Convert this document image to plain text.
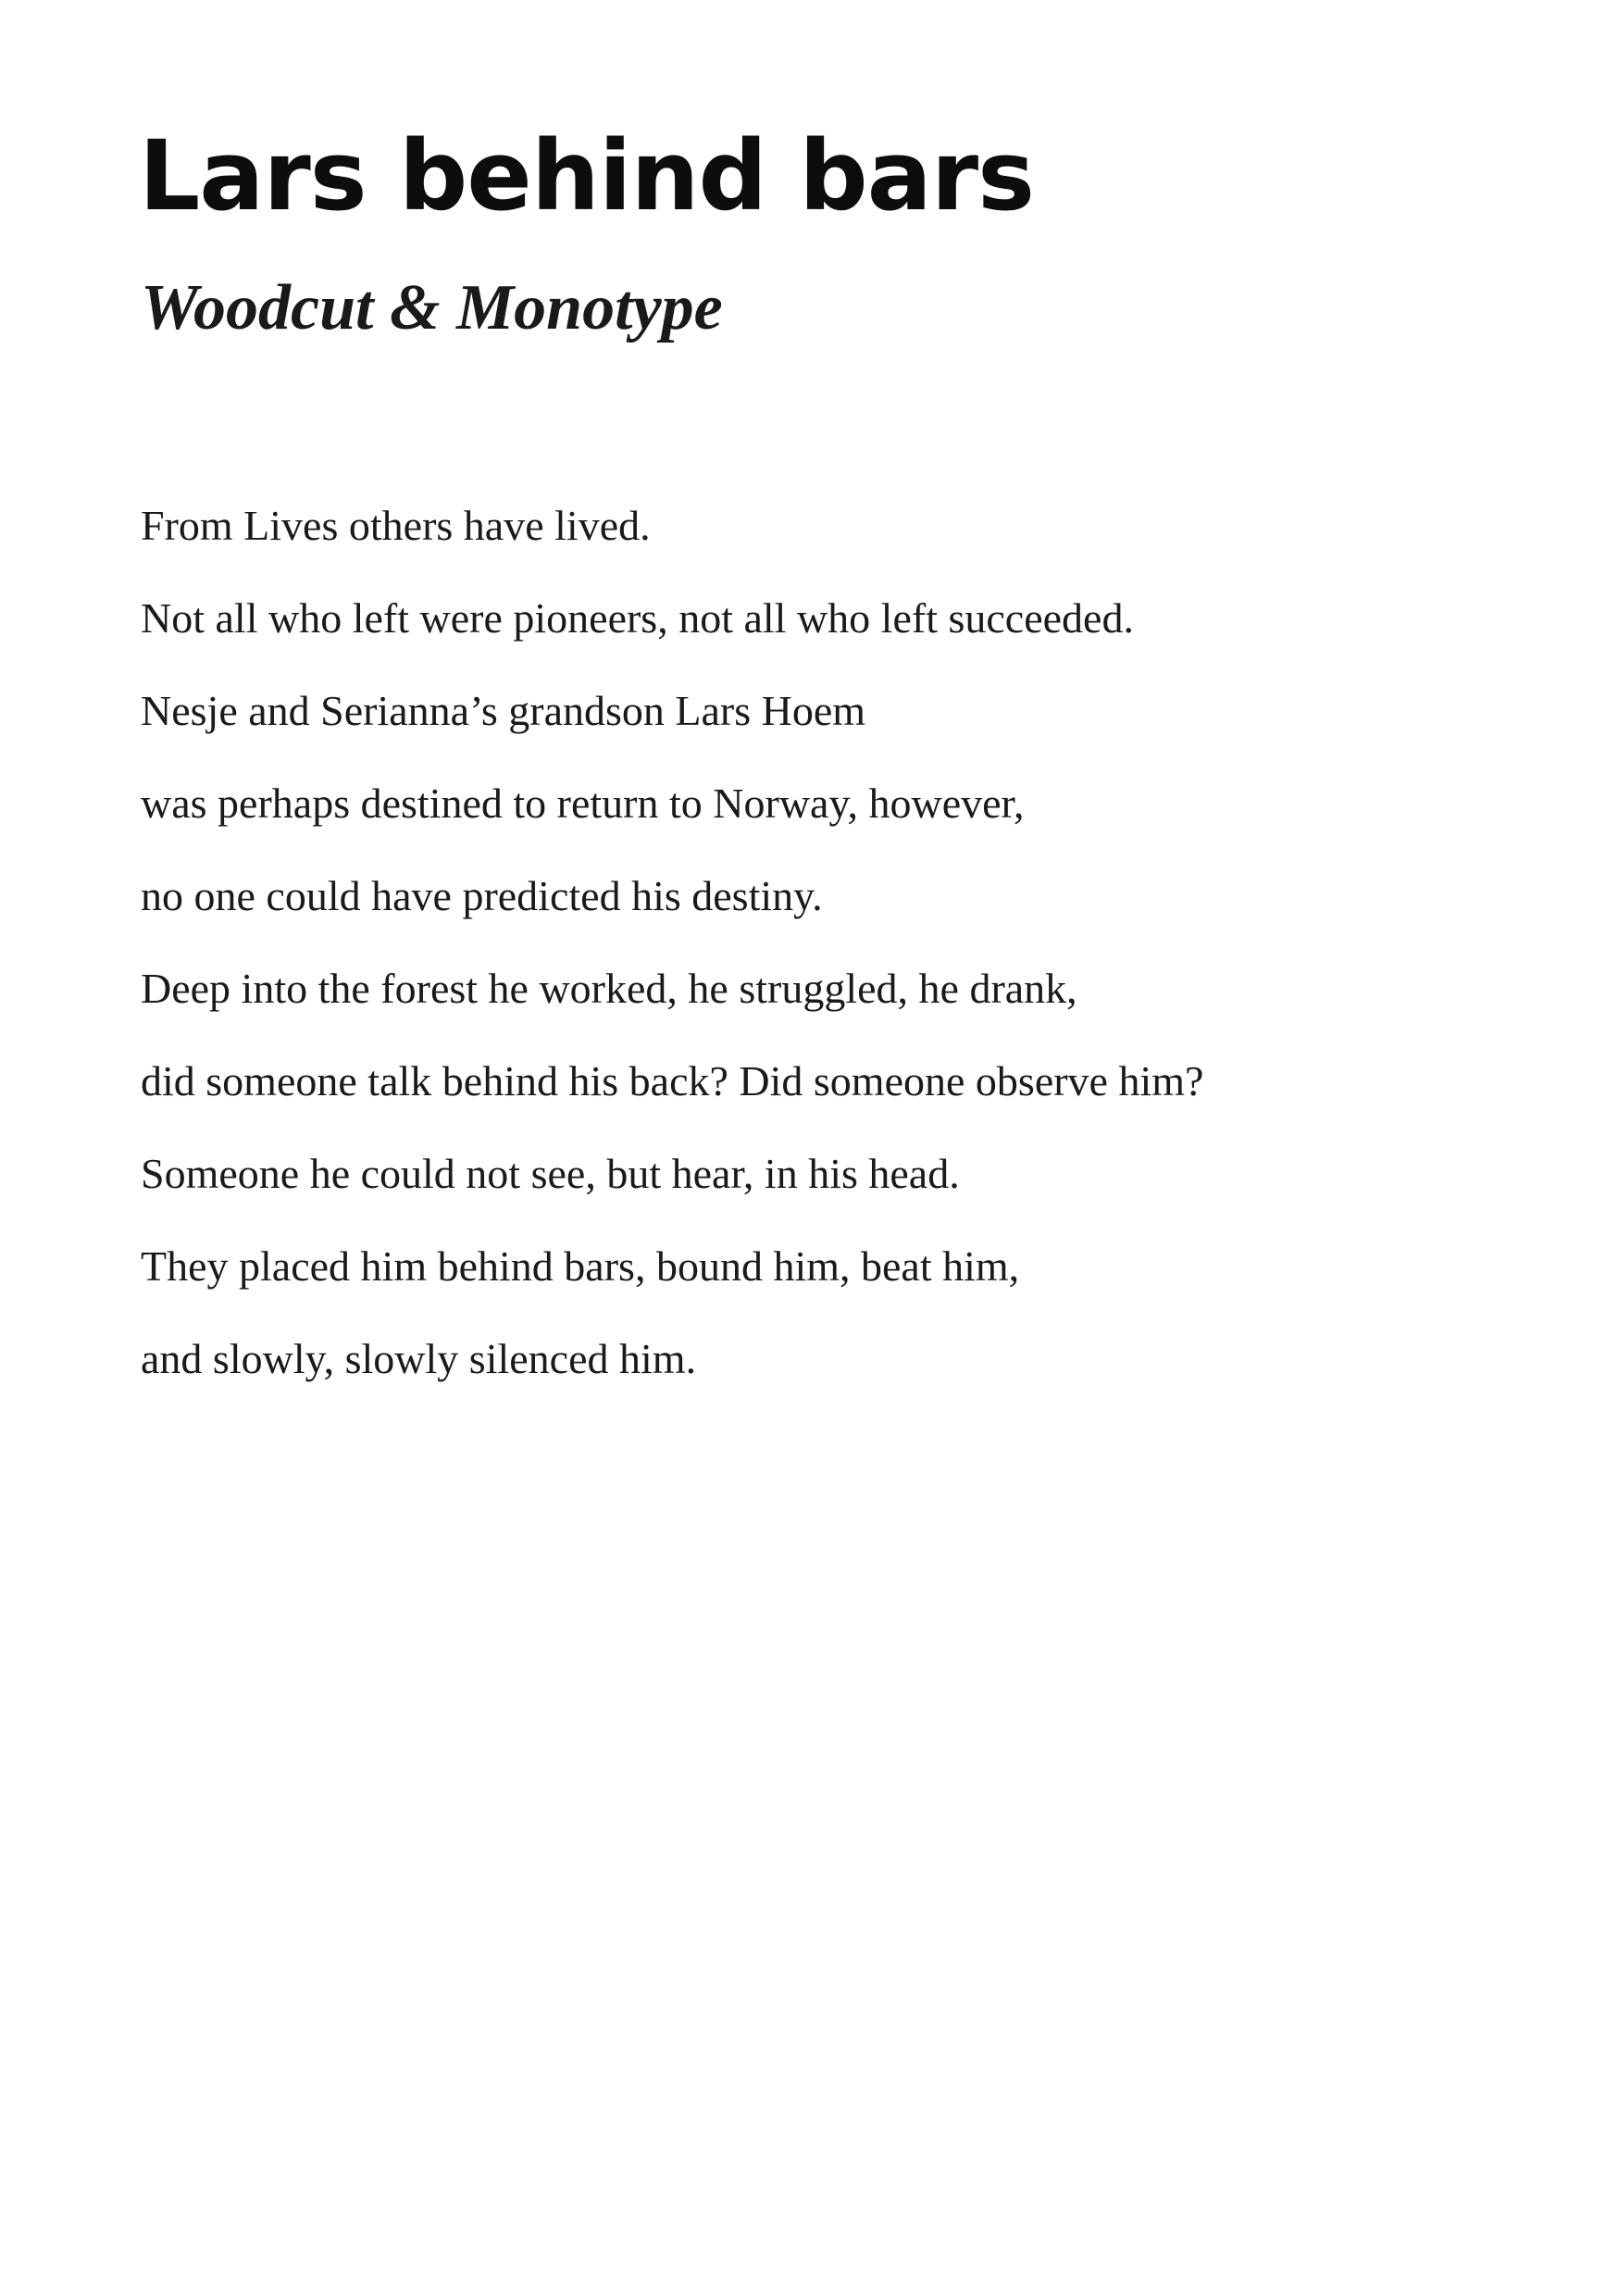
Lars behind bars
Woodcut & Monotype
From Lives others have lived.
Not all who left were pioneers, not all who left succeeded.
Nesje and Serianna’s grandson Lars Hoem
was perhaps destined to return to Norway, however,
no one could have predicted his destiny.
Deep into the forest he worked, he struggled, he drank,
did someone talk behind his back? Did someone observe him?
Someone he could not see, but hear, in his head.
They placed him behind bars, bound him, beat him,
and slowly, slowly silenced him.
